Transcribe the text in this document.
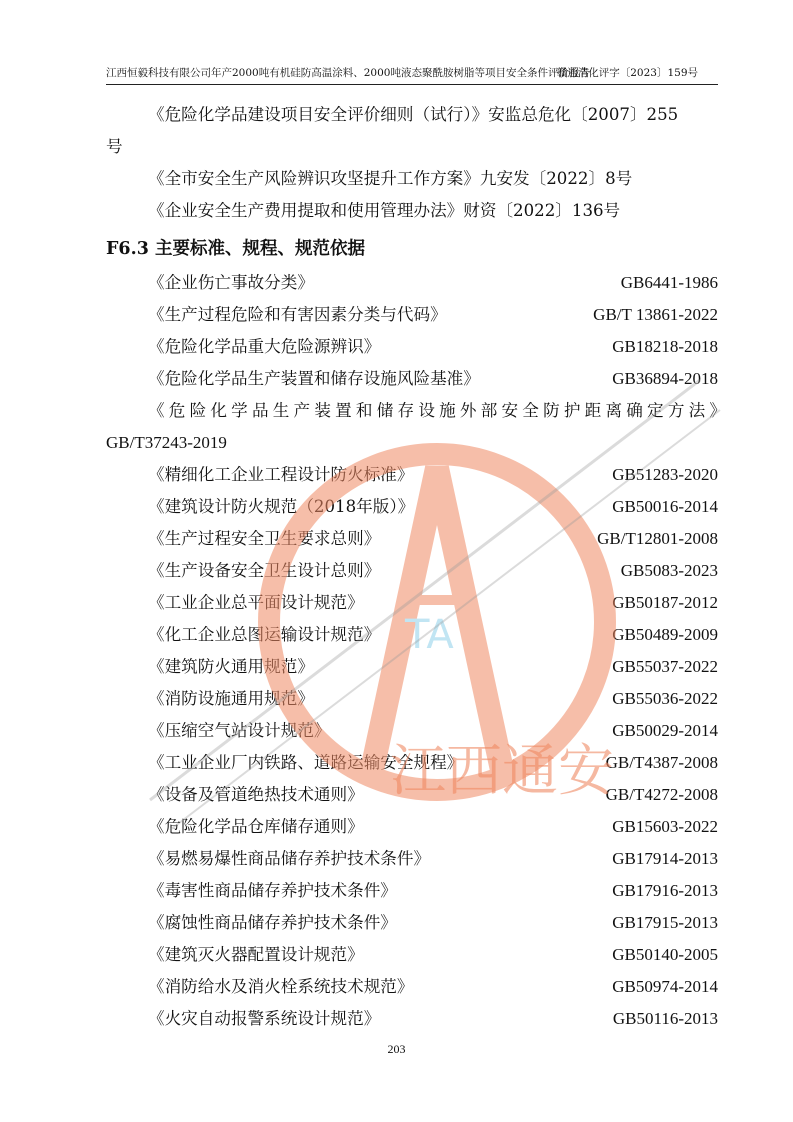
江西恒毅科技有限公司年产2000吨有机硅防高温涂料、2000吨液态聚酰胺树脂等项目安全条件评价报告
赣通清化评字〔2023〕159号
《危险化学品建设项目安全评价细则（试行）》安监总危化〔2007〕255
号
《全市安全生产风险辨识攻坚提升工作方案》九安发〔2022〕8号
《企业安全生产费用提取和使用管理办法》财资〔2022〕136号
F6.3 主要标准、规程、规范依据
《企业伤亡事故分类》	GB6441-1986
《生产过程危险和有害因素分类与代码》	GB/T 13861-2022
《危险化学品重大危险源辨识》	GB18218-2018
《危险化学品生产装置和储存设施风险基准》	GB36894-2018
《危险化学品生产装置和储存设施外部安全防护距离确定方法》
GB/T37243-2019
《精细化工企业工程设计防火标准》	GB51283-2020
《建筑设计防火规范（2018年版）》	GB50016-2014
《生产过程安全卫生要求总则》	GB/T12801-2008
《生产设备安全卫生设计总则》	GB5083-2023
《工业企业总平面设计规范》	GB50187-2012
《化工企业总图运输设计规范》	GB50489-2009
《建筑防火通用规范》	GB55037-2022
《消防设施通用规范》	GB55036-2022
《压缩空气站设计规范》	GB50029-2014
《工业企业厂内铁路、道路运输安全规程》	GB/T4387-2008
《设备及管道绝热技术通则》	GB/T4272-2008
《危险化学品仓库储存通则》	GB15603-2022
《易燃易爆性商品储存养护技术条件》	GB17914-2013
《毒害性商品储存养护技术条件》	GB17916-2013
《腐蚀性商品储存养护技术条件》	GB17915-2013
《建筑灭火器配置设计规范》	GB50140-2005
《消防给水及消火栓系统技术规范》	GB50974-2014
《火灾自动报警系统设计规范》	GB50116-2013
203
TA
江西通安
